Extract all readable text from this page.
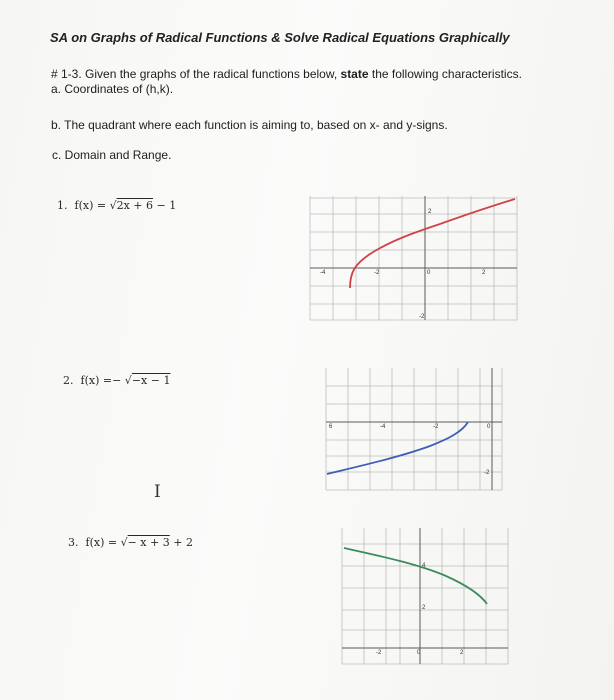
SA on Graphs of Radical Functions & Solve Radical Equations Graphically
# 1-3. Given the graphs of the radical functions below, state the following characteristics.
a. Coordinates of (h,k).
b. The quadrant where each function is aiming to, based on x- and y-signs.
c. Domain and Range.
1. f(x) = √2x + 6 − 1
2. f(x) =− √−x − 1
I
3. f(x) = √− x + 3 + 2
-4	-2	0	2
2
-2
6	-4	-2	0
-2
-2	0	2
4
2
